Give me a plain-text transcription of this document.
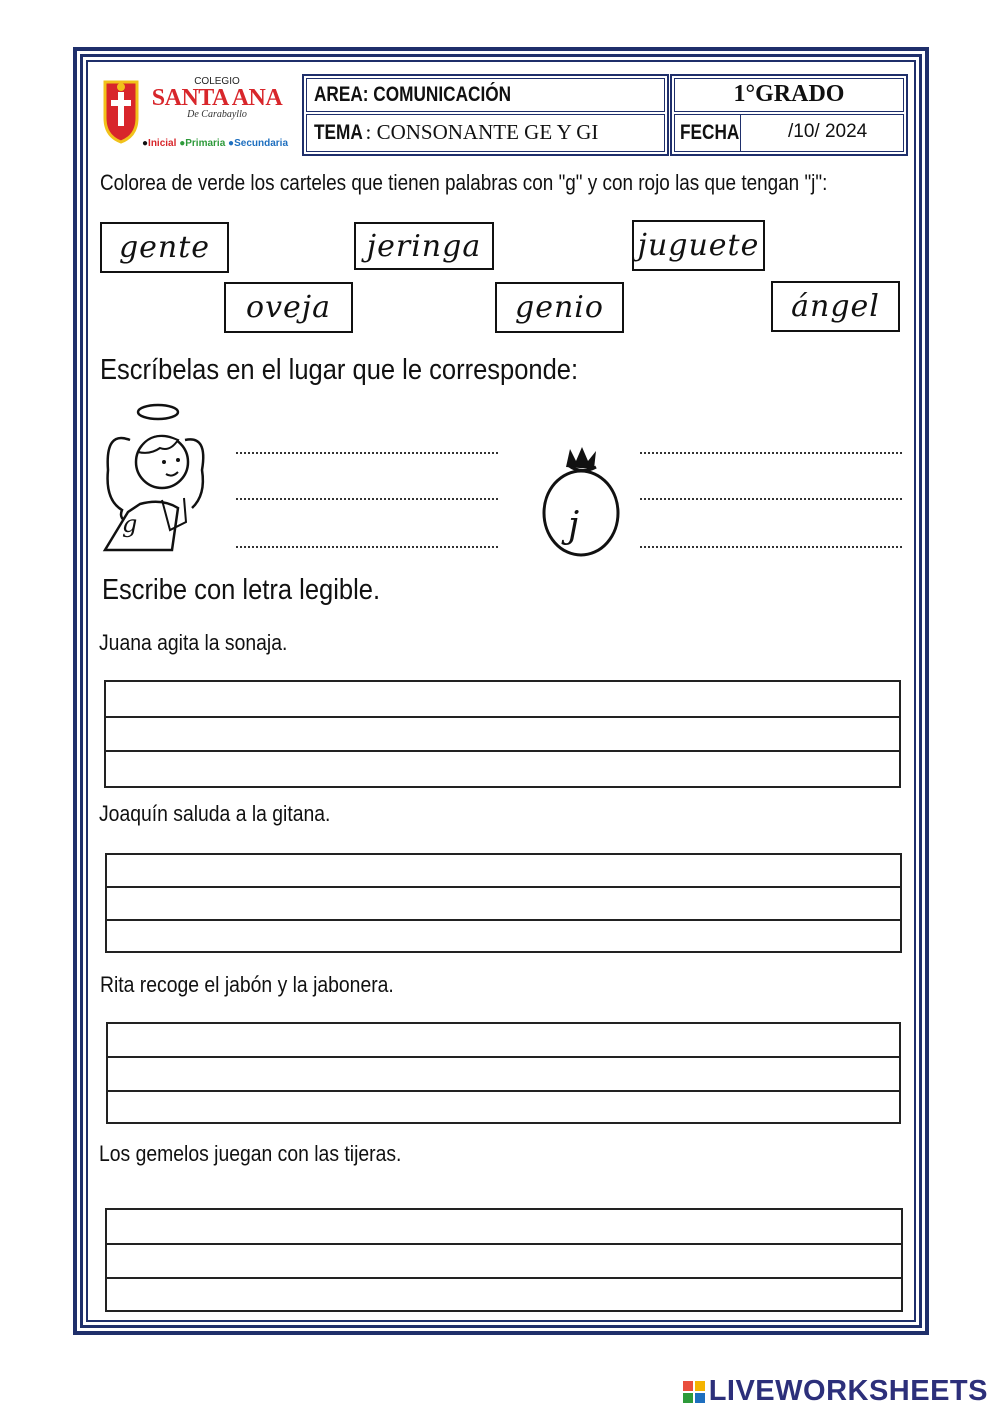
COLEGIO
SANTA ANA
De Carabayllo
●Inicial ●Primaria ●Secundaria
AREA: COMUNICACIÓN
TEMA : CONSONANTE GE Y GI
1°GRADO
FECHA	/10/ 2024
Colorea de verde los carteles que tienen palabras con "g" y con rojo las que tengan "j":
gente	jeringa	juguete
oveja	genio	ángel
Escríbelas en el lugar que le corresponde:
g	j
Escribe con letra legible.
Juana agita la sonaja.
Joaquín saluda a la gitana.
Rita recoge el jabón y la jabonera.
Los gemelos juegan con las tijeras.
LIVEWORKSHEETS
